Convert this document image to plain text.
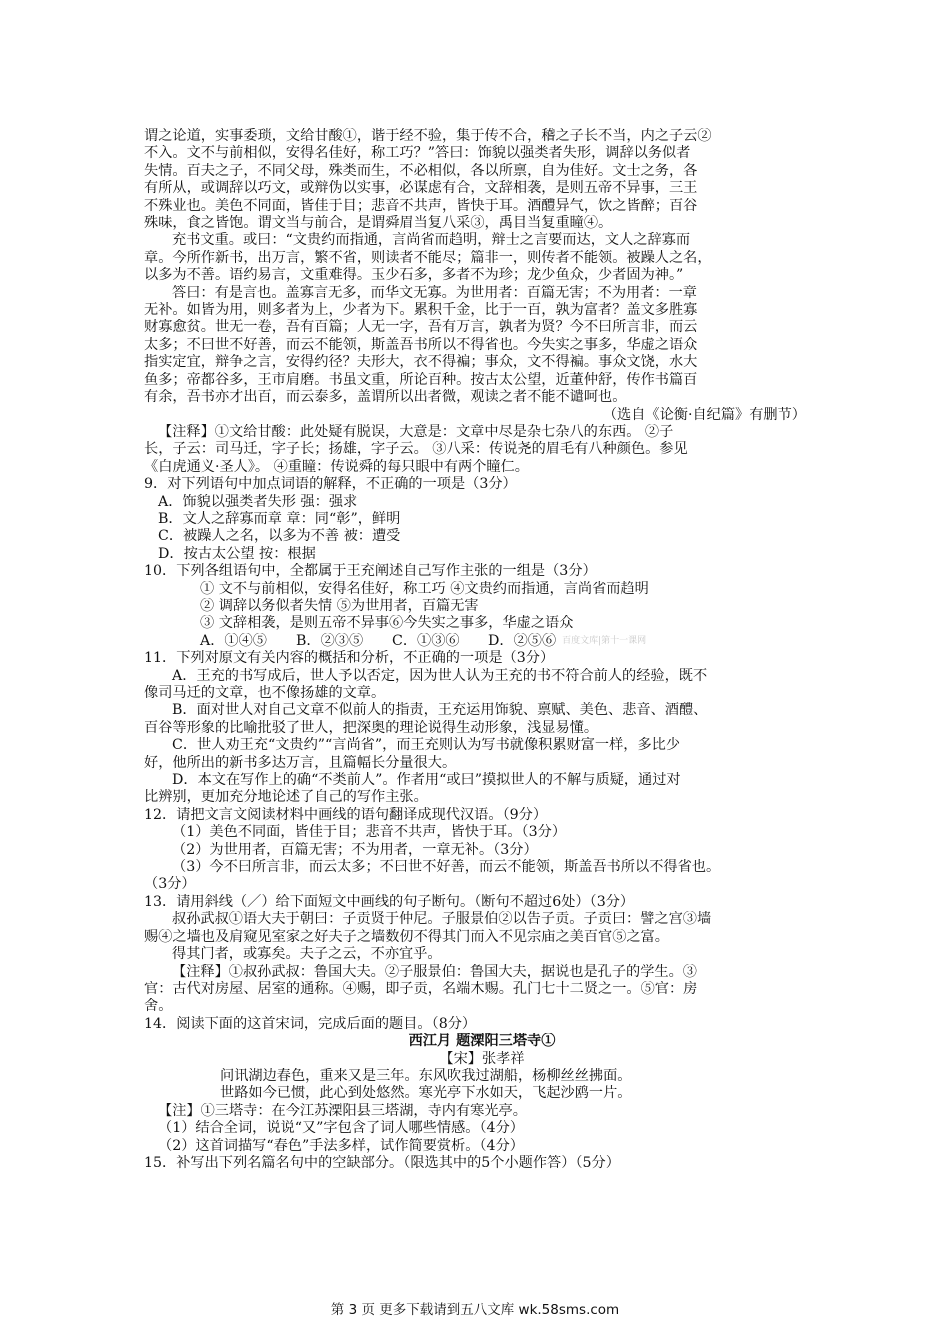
谓之论道，实事委琐，文给甘酸①，谐于经不验，集于传不合，稽之子长不当，内之子云②
不入。文不与前相似，安得名佳好，称工巧？”答曰：饰貌以强类者失形，调辞以务似者
失情。百夫之子，不同父母，殊类而生，不必相似，各以所禀，自为佳好。文士之务，各
有所从，或调辞以巧文，或辩伪以实事，必谋虑有合，文辞相袭，是则五帝不异事，三王
不殊业也。美色不同面，皆佳于目；悲音不共声，皆快于耳。酒醴异气，饮之皆醉；百谷
殊味，食之皆饱。谓文当与前合，是谓舜眉当复八采③，禹目当复重瞳④。
充书文重。或曰：“文贵约而指通，言尚省而趋明，辩士之言要而达，文人之辞寡而
章。今所作新书，出万言，繁不省，则读者不能尽；篇非一，则传者不能领。被躁人之名，
以多为不善。语约易言，文重难得。玉少石多，多者不为珍；龙少鱼众，少者固为神。”
答曰：有是言也。盖寡言无多，而华文无寡。为世用者：百篇无害；不为用者：一章
无补。如皆为用，则多者为上，少者为下。累积千金，比于一百，孰为富者？盖文多胜寡
财寡愈贫。世无一卷，吾有百篇；人无一字，吾有万言，孰者为贤？今不曰所言非，而云
太多；不曰世不好善，而云不能领，斯盖吾书所以不得省也。今失实之事多，华虚之语众
指实定宜，辩争之言，安得约径？夫形大，衣不得褊；事众，文不得褊。事众文饶，水大
鱼多；帝都谷多，王市肩磨。书虽文重，所论百种。按古太公望，近董仲舒，传作书篇百
有余，吾书亦才出百，而云泰多，盖谓所以出者微，观读之者不能不谴呵也。
（选自《论衡·自纪篇》有删节）
【注释】①文给甘酸：此处疑有脱误，大意是：文章中尽是杂七杂八的东西。 ②子
长，子云：司马迁，字子长；扬雄，字子云。 ③八采：传说尧的眉毛有八种颜色。参见
《白虎通义·圣人》。 ④重瞳：传说舜的每只眼中有两个瞳仁。
9．对下列语句中加点词语的解释，不正确的一项是（3分）
A．饰貌以强类者失形 强：强求
B．文人之辞寡而章 章：同“彰”，鲜明
C．被躁人之名，以多为不善 被：遭受
D．按古太公望 按：根据
10．下列各组语句中，全都属于王充阐述自己写作主张的一组是（3分）
① 文不与前相似，安得名佳好，称工巧 ④文贵约而指通，言尚省而趋明
② 调辞以务似者失情 ⑤为世用者，百篇无害
③ 文辞相袭，是则五帝不异事⑥今失实之事多，华虚之语众
A．①④⑤	B．②③⑤	C．①③⑥	D．②⑤⑥ 百度文库|第十一课网
11．下列对原文有关内容的概括和分析，不正确的一项是（3分）
A．王充的书写成后，世人予以否定，因为世人认为王充的书不符合前人的经验，既不
像司马迁的文章，也不像扬雄的文章。
B．面对世人对自己文章不似前人的指责，王充运用饰貌、禀赋、美色、悲音、酒醴、
百谷等形象的比喻批驳了世人，把深奥的理论说得生动形象，浅显易懂。
C．世人劝王充“文贵约”“言尚省”，而王充则认为写书就像积累财富一样，多比少
好，他所出的新书多达万言，且篇幅长分量很大。
D．本文在写作上的确“不类前人”。作者用“或曰”摸拟世人的不解与质疑，通过对
比辨别，更加充分地论述了自己的写作主张。
12．请把文言文阅读材料中画线的语句翻译成现代汉语。（9分）
（1）美色不同面，皆佳于目；悲音不共声，皆快于耳。（3分）
（2）为世用者，百篇无害；不为用者，一章无补。（3分）
（3）今不曰所言非，而云太多；不曰世不好善，而云不能领，斯盖吾书所以不得省也。
（3分）
13．请用斜线（／）给下面短文中画线的句子断句。（断句不超过6处）（3分）
叔孙武叔①语大夫于朝曰：子贡贤于仲尼。子服景伯②以告子贡。子贡曰：譬之宫③墙
赐④之墙也及肩窥见室家之好夫子之墙数仞不得其门而入不见宗庙之美百官⑤之富。
得其门者，或寡矣。夫子之云，不亦宜乎。
【注释】①叔孙武叔：鲁国大夫。②子服景伯：鲁国大夫，据说也是孔子的学生。③
官：古代对房屋、居室的通称。④赐，即子贡，名端木赐。孔门七十二贤之一。⑤官：房
舍。
14．阅读下面的这首宋词，完成后面的题目。（8分）
西江月 题溧阳三塔寺①
【宋】张孝祥
问讯湖边春色，重来又是三年。东风吹我过湖船，杨柳丝丝拂面。
世路如今已惯，此心到处悠然。寒光亭下水如天，飞起沙鸥一片。
【注】①三塔寺：在今江苏溧阳县三塔湖，寺内有寒光亭。
（1）结合全词，说说“又”字包含了词人哪些情感。（4分）
（2）这首词描写“春色”手法多样，试作简要赏析。（4分）
15．补写出下列名篇名句中的空缺部分。（限选其中的5个小题作答）（5分）
第 3 页 更多下载请到五八文库 wk.58sms.com
